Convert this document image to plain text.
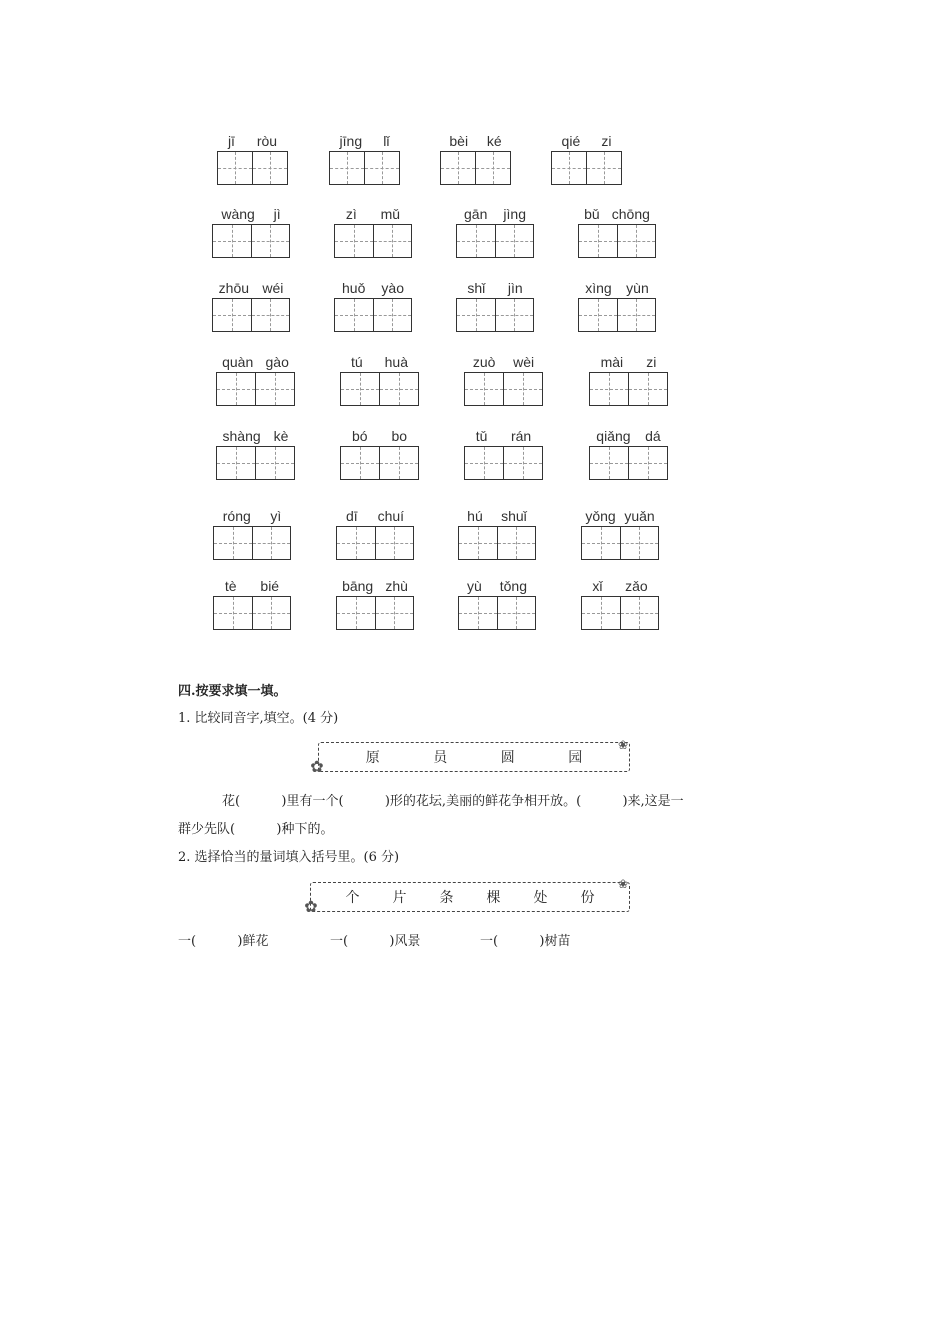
jī ròu	jīng lǐ	bèi ké	qié zi
wàng jì	zì mǔ	gān jìng	bǔ chōng
zhōu wéi	huǒ yào	shǐ jìn	xìng yùn
quàn gào	tú huà	zuò wèi	mài zi
shàng kè	bó bo	tǔ rán	qiǎng dá
róng yì	dī chuí	hú shuǐ	yǒng yuǎn
tè bié	bāng zhù	yù tǒng	xǐ zǎo
四.按要求填一填。
1. 比较同音字,填空。(4 分)
原	员	圆	园
✿
❀
花(          )里有一个(          )形的花坛,美丽的鲜花争相开放。(          )来,这是一
群少先队(          )种下的。
2. 选择恰当的量词填入括号里。(6 分)
个 片 条 棵 处 份
✿
❀
一(          )鲜花	一(          )风景	一(          )树苗
